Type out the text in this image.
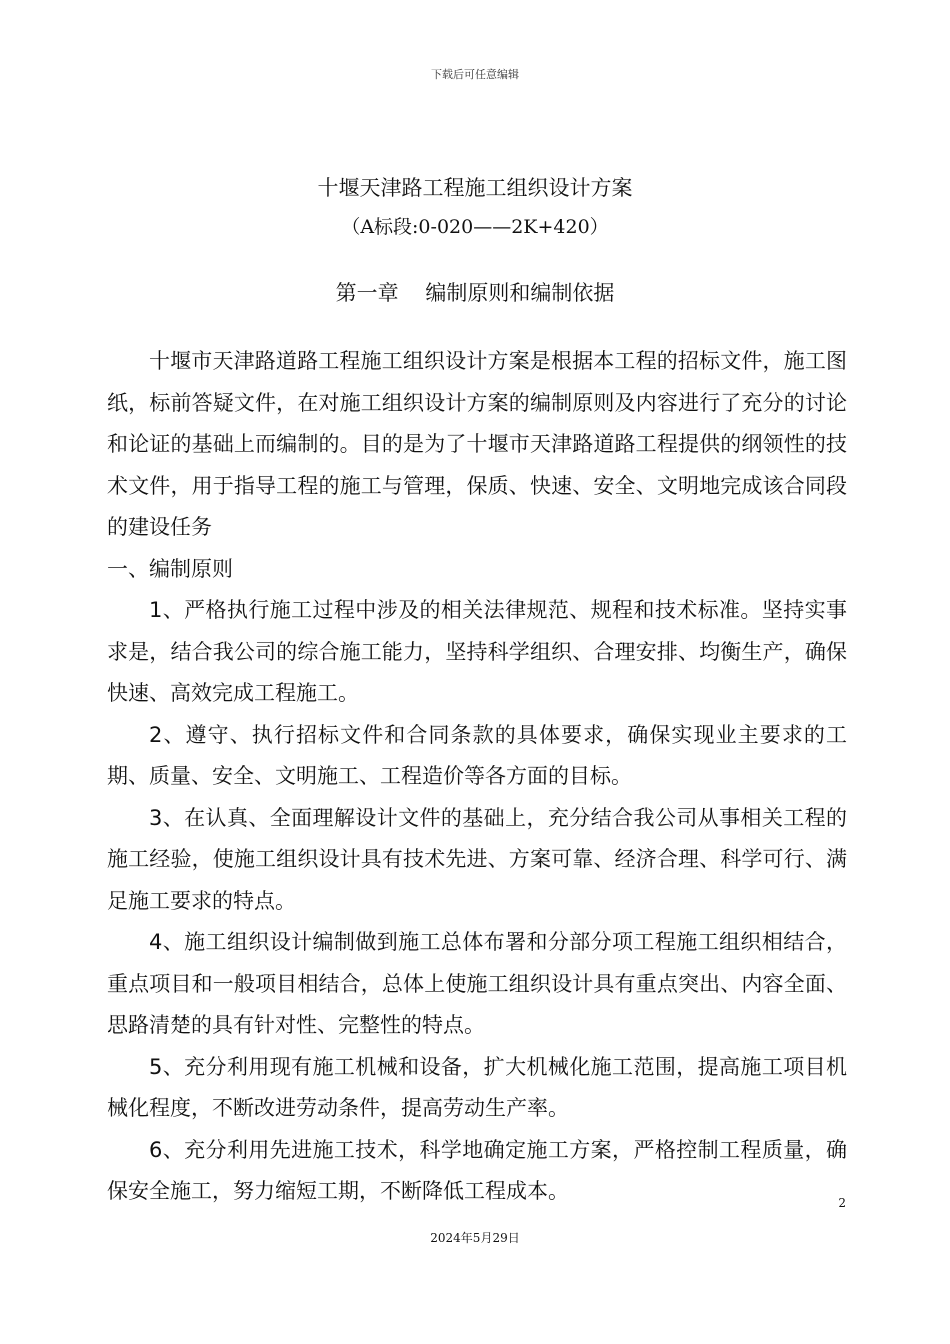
下载后可任意编辑
十堰天津路工程施工组织设计方案
（A标段:0-020——2K+420）
第一章    编制原则和编制依据

十堰市天津路道路工程施工组织设计方案是根据本工程的招标文件，施工图纸，标前答疑文件，在对施工组织设计方案的编制原则及内容进行了充分的讨论和论证的基础上而编制的。目的是为了十堰市天津路道路工程提供的纲领性的技术文件，用于指导工程的施工与管理，保质、快速、安全、文明地完成该合同段的建设任务

一、编制原则

1、严格执行施工过程中涉及的相关法律规范、规程和技术标准。坚持实事求是，结合我公司的综合施工能力，坚持科学组织、合理安排、均衡生产，确保快速、高效完成工程施工。

2、遵守、执行招标文件和合同条款的具体要求，确保实现业主要求的工期、质量、安全、文明施工、工程造价等各方面的目标。

3、在认真、全面理解设计文件的基础上，充分结合我公司从事相关工程的施工经验，使施工组织设计具有技术先进、方案可靠、经济合理、科学可行、满足施工要求的特点。

4、施工组织设计编制做到施工总体布署和分部分项工程施工组织相结合，重点项目和一般项目相结合，总体上使施工组织设计具有重点突出、内容全面、思路清楚的具有针对性、完整性的特点。

5、充分利用现有施工机械和设备，扩大机械化施工范围，提高施工项目机械化程度，不断改进劳动条件，提高劳动生产率。

6、充分利用先进施工技术，科学地确定施工方案，严格控制工程质量，确保安全施工，努力缩短工期，不断降低工程成本。	2
2024年5月29日
